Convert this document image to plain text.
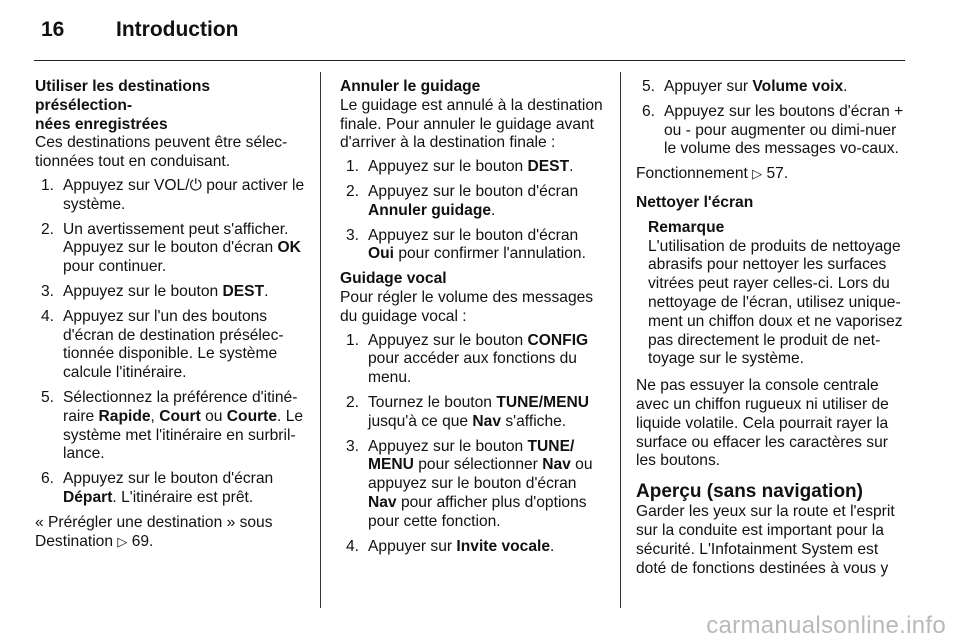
16 Introduction
Utiliser les destinations présélection-
nées enregistrées

Ces destinations peuvent être sélec-tionnées tout en conduisant.

1. Appuyez sur VOL/⏻ pour activer le système.
2. Un avertissement peut s'afficher. Appuyez sur le bouton d'écran OK pour continuer.
3. Appuyez sur le bouton DEST.
4. Appuyez sur l'un des boutons d'écran de destination présélec-tionnée disponible. Le système calcule l'itinéraire.
5. Sélectionnez la préférence d'itiné-raire Rapide, Court ou Courte. Le système met l'itinéraire en surbril-lance.
6. Appuyez sur le bouton d'écran Départ. L'itinéraire est prêt.

« Prérégler une destination » sous Destination ▷ 69.

Annuler le guidage

Le guidage est annulé à la destination finale. Pour annuler le guidage avant d'arriver à la destination finale :

1. Appuyez sur le bouton DEST.
2. Appuyez sur le bouton d'écran Annuler guidage.
3. Appuyez sur le bouton d'écran Oui pour confirmer l'annulation.
Guidage vocal

Pour régler le volume des messages du guidage vocal :

1. Appuyez sur le bouton CONFIG pour accéder aux fonctions du menu.
2. Tournez le bouton TUNE/MENU jusqu'à ce que Nav s'affiche.
3. Appuyez sur le bouton TUNE/ MENU pour sélectionner Nav ou appuyez sur le bouton d'écran Nav pour afficher plus d'options pour cette fonction.
4. Appuyer sur Invite vocale.
5. Appuyer sur Volume voix.
6. Appuyez sur les boutons d'écran + ou - pour augmenter ou dimi-nuer le volume des messages vo-caux.

Fonctionnement ▷ 57.

Nettoyer l'écran
Remarque

L'utilisation de produits de nettoyage abrasifs pour nettoyer les surfaces vitrées peut rayer celles-ci. Lors du nettoyage de l'écran, utilisez unique-ment un chiffon doux et ne vaporisez pas directement le produit de net-toyage sur le système.

Ne pas essuyer la console centrale avec un chiffon rugueux ni utiliser de liquide volatile. Cela pourrait rayer la surface ou effacer les caractères sur les boutons.

Aperçu (sans navigation)

Garder les yeux sur la route et l'esprit sur la conduite est important pour la sécurité. L'Infotainment System est doté de fonctions destinées à vous y

carmanualsonline.info
